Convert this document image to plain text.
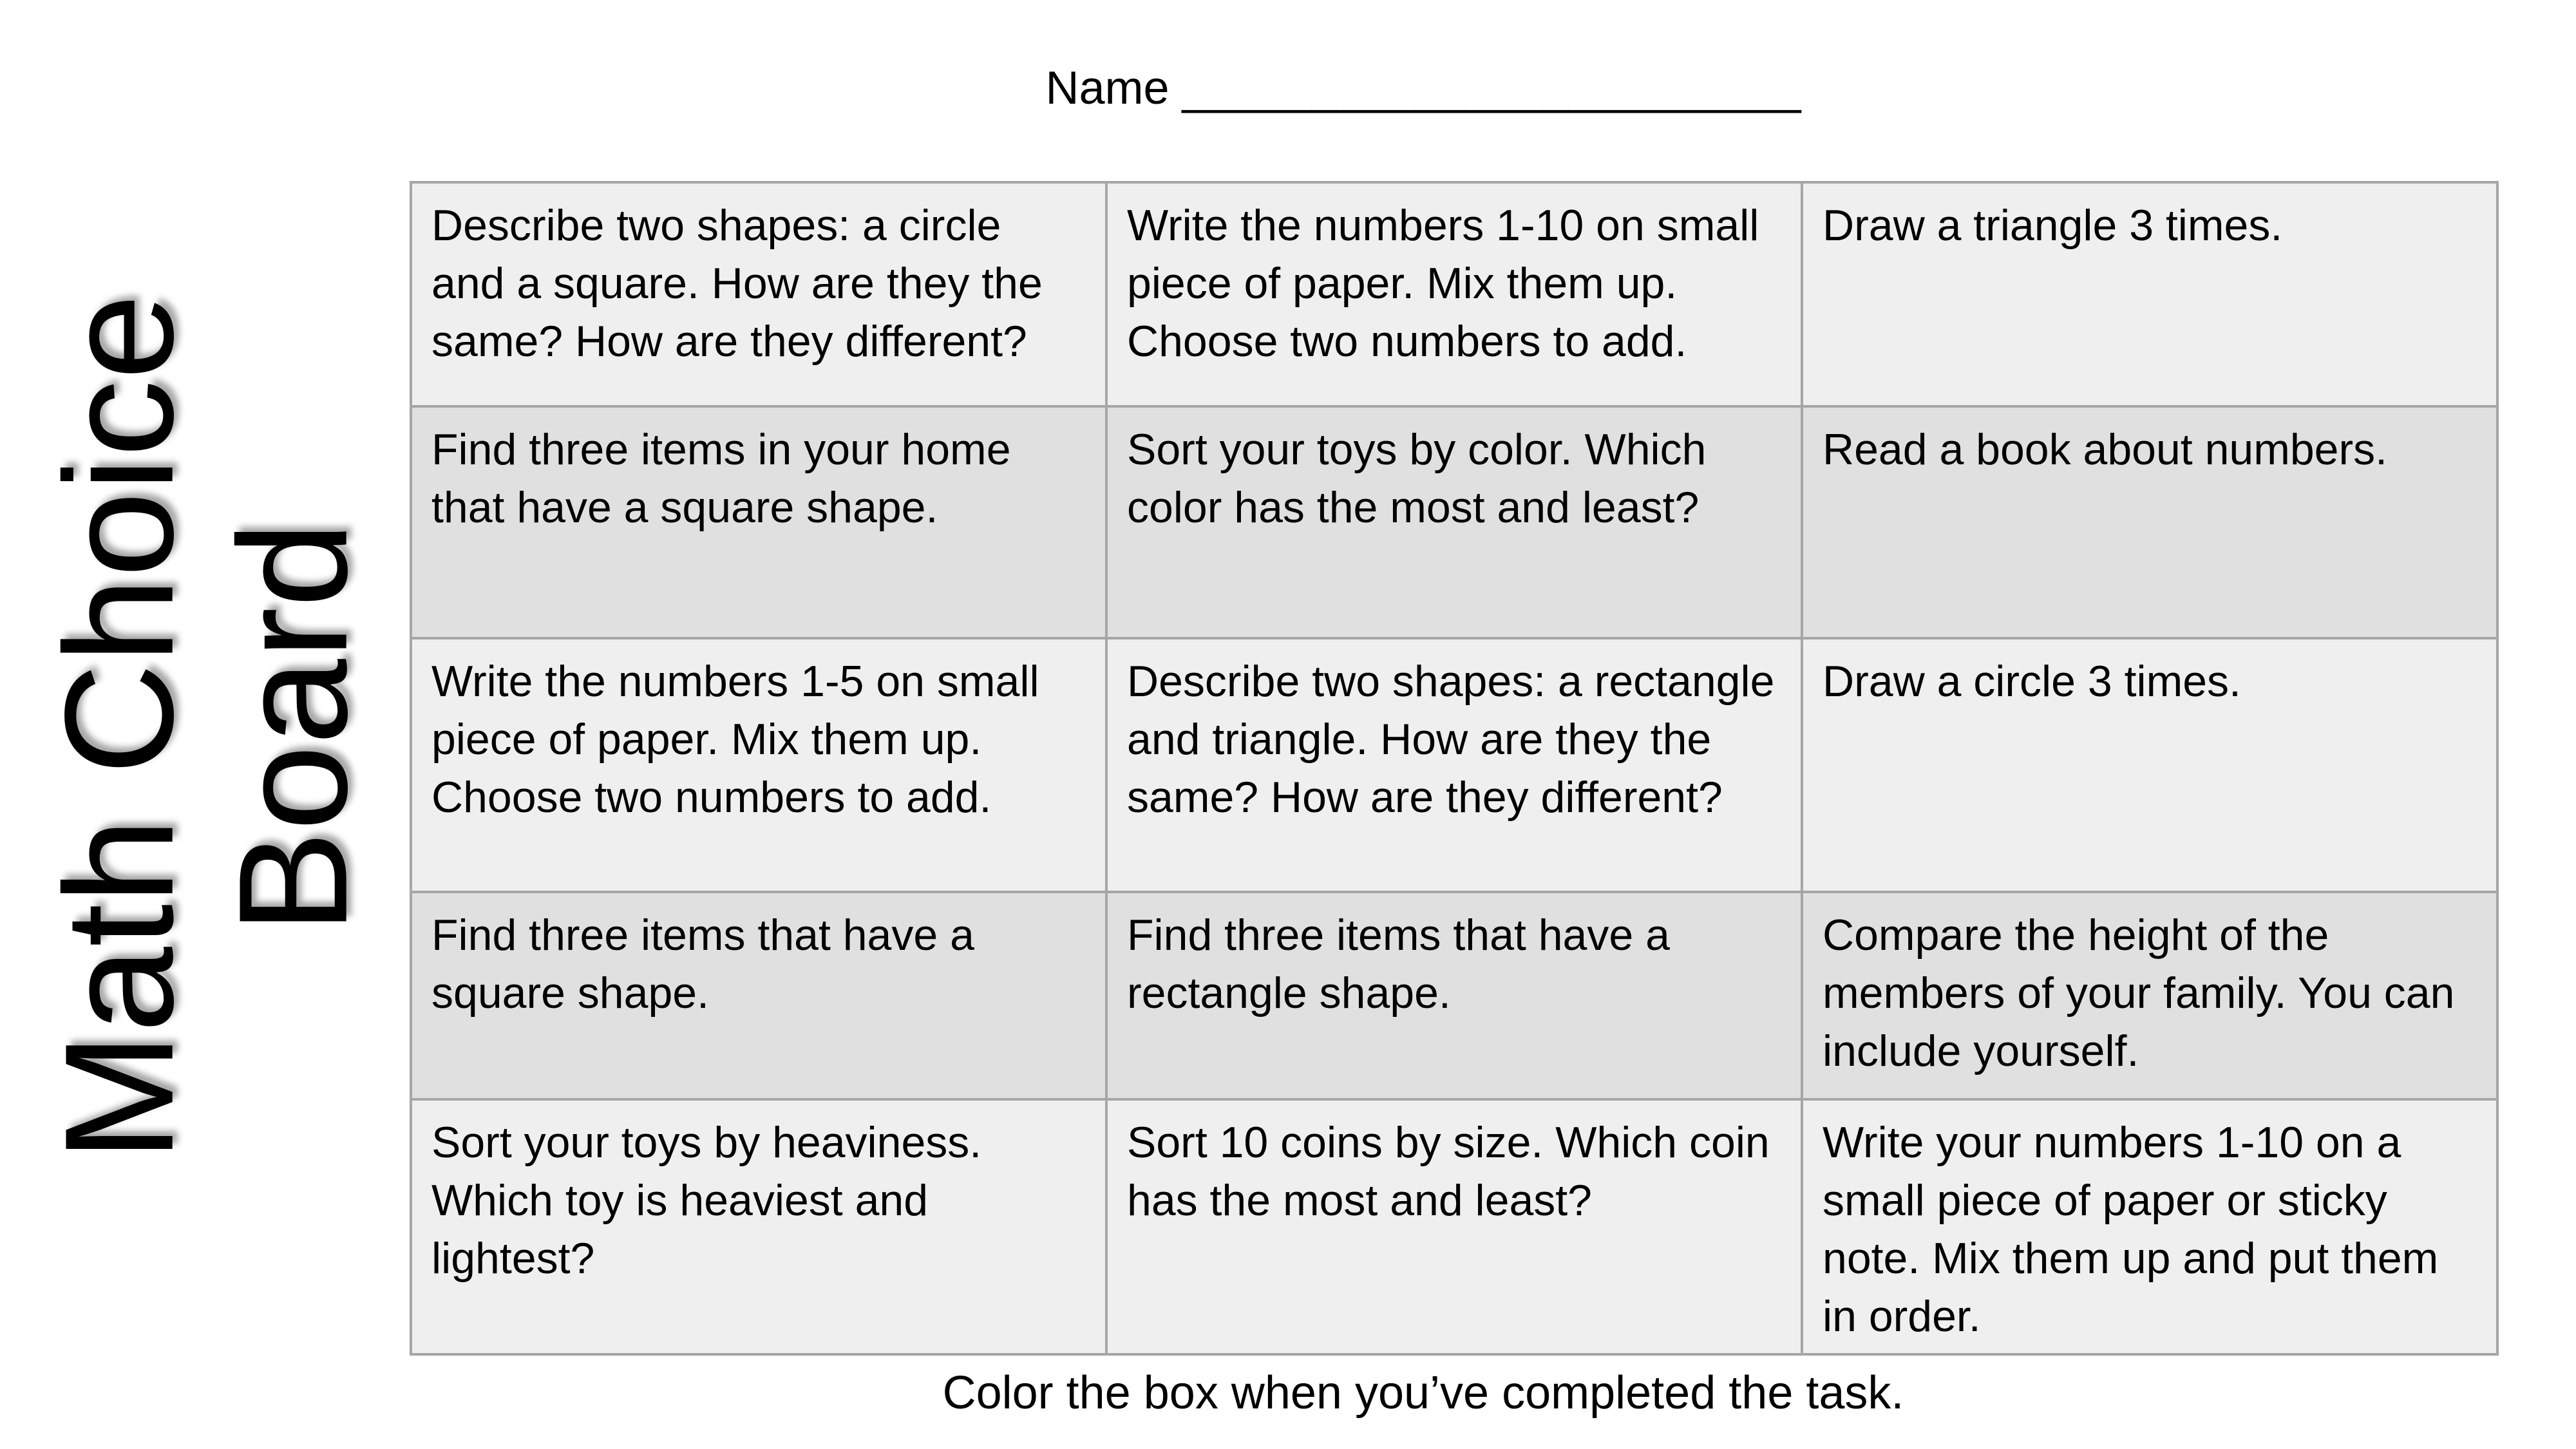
Name ________________________
Math Choice Board
Describe two shapes: a circle and a square. How are they the same? How are they different?	Write the numbers 1-10 on small piece of paper. Mix them up. Choose two numbers to add.	Draw a triangle 3 times.
Find three items in your home that have a square shape.	Sort your toys by color. Which color has the most and least?	Read a book about numbers.
Write the numbers 1-5 on small piece of paper. Mix them up. Choose two numbers to add.	Describe two shapes: a rectangle and triangle. How are they the same? How are they different?	Draw a circle 3 times.
Find three items that have a square shape.	Find three items that have a rectangle shape.	Compare the height of the members of your family. You can include yourself.
Sort your toys by heaviness. Which toy is heaviest and lightest?	Sort 10 coins by size. Which coin has the most and least?	Write your numbers 1-10 on a small piece of paper or sticky note. Mix them up and put them in order.
Color the box when you’ve completed the task.
